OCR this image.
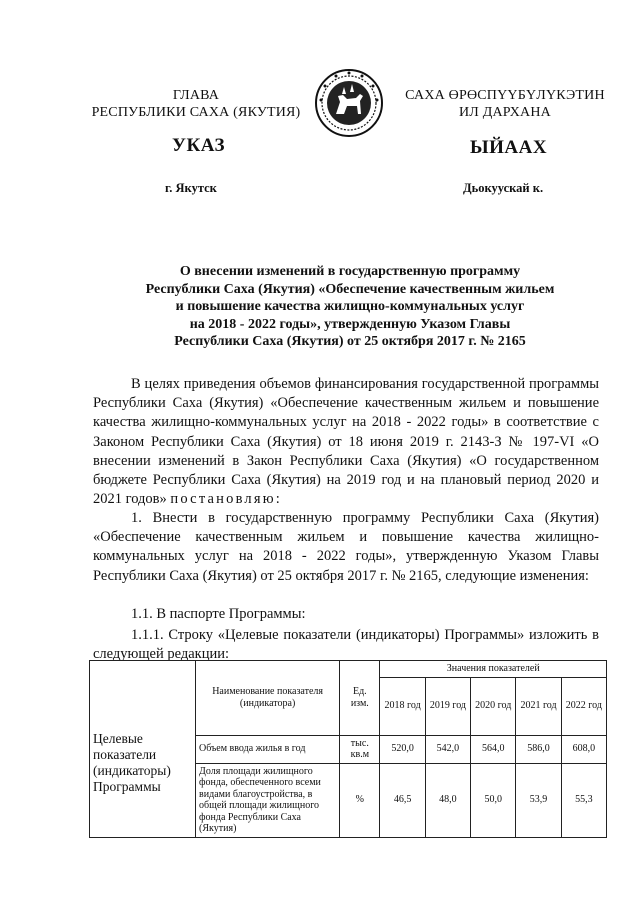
ГЛАВА
РЕСПУБЛИКИ САХА (ЯКУТИЯ)
САХА ӨРӨСПҮҮБҮЛҮКЭТИН
ИЛ ДАРХАНА
УКАЗ	ЫЙААХ
г. Якутск	Дьокуускай к.
О внесении изменений в государственную программу
Республики Саха (Якутия) «Обеспечение качественным жильем
и повышение качества жилищно-коммунальных услуг
на 2018 - 2022 годы», утвержденную Указом Главы
Республики Саха (Якутия) от 25 октября 2017 г. № 2165
В целях приведения объемов финансирования государственной программы Республики Саха (Якутия) «Обеспечение качественным жильем и повышение качества жилищно-коммунальных услуг на 2018 - 2022 годы» в соответствие с Законом Республики Саха (Якутия) от 18 июня 2019 г. 2143-З № 197-VI «О внесении изменений в Закон Республики Саха (Якутия) «О государственном бюджете Республики Саха (Якутия) на 2019 год и на плановый период 2020 и 2021 годов» постановляю:
1. Внести в государственную программу Республики Саха (Якутия) «Обеспечение качественным жильем и повышение качества жилищно-коммунальных услуг на 2018 - 2022 годы», утвержденную Указом Главы Республики Саха (Якутия) от 25 октября 2017 г. № 2165, следующие изменения:
1.1. В паспорте Программы:
1.1.1. Строку «Целевые показатели (индикаторы) Программы» изложить в следующей редакции:
Целевые показатели (индикаторы) Программы	Наименование показателя (индикатора)	Ед. изм.	Значения показателей				
			2018 год	2019 год	2020 год	2021 год	2022 год
	Объем ввода жилья в год	тыс. кв.м	520,0	542,0	564,0	586,0	608,0
	Доля площади жилищного фонда, обеспеченного всеми видами благоустройства, в общей площади жилищного фонда Республики Саха (Якутия)	%	46,5	48,0	50,0	53,9	55,3
